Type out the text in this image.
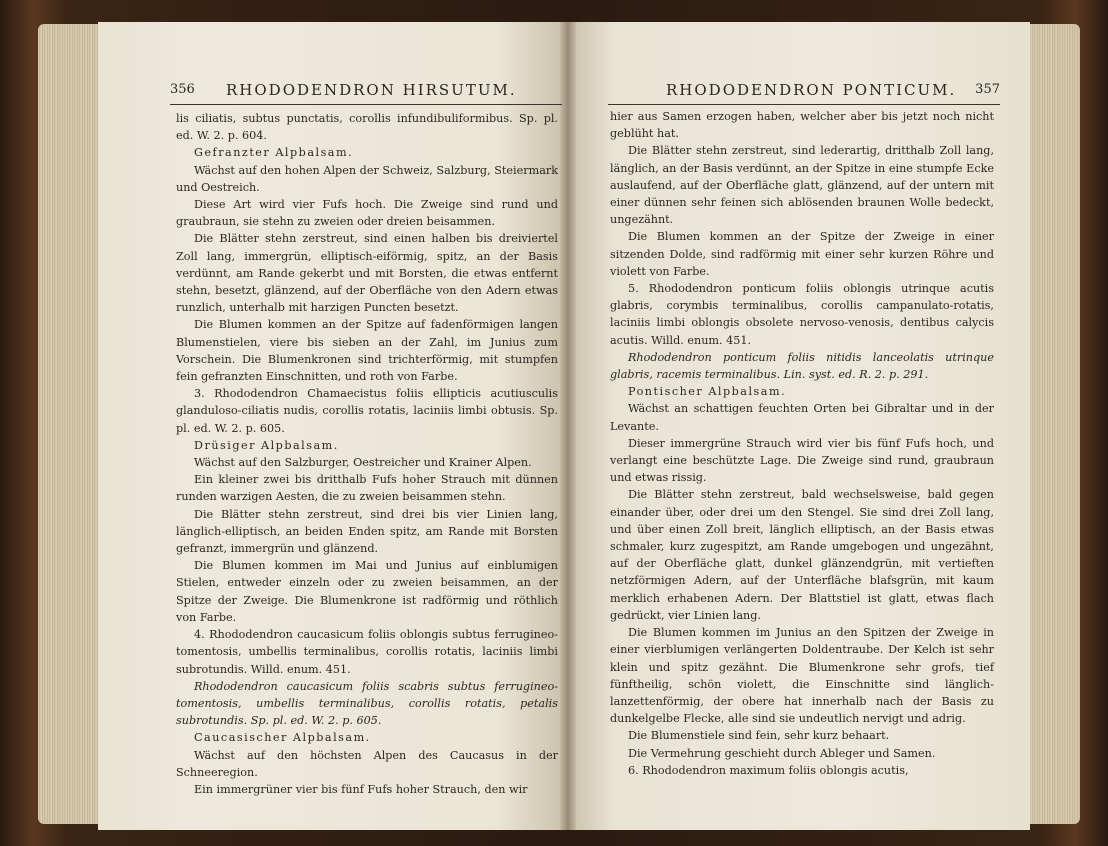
356 RHODODENDRON HIRSUTUM.

lis ciliatis, subtus punctatis, corollis infundibuliformibus. Sp. pl. ed. W. 2. p. 604.

Gefranzter Alpbalsam.

Wächst auf den hohen Alpen der Schweiz, Salzburg, Steiermark und Oestreich.

Diese Art wird vier Fufs hoch. Die Zweige sind rund und graubraun, sie stehn zu zweien oder dreien beisammen.

Die Blätter stehn zerstreut, sind einen halben bis dreiviertel Zoll lang, immergrün, elliptisch-eiförmig, spitz, an der Basis verdünnt, am Rande gekerbt und mit Borsten, die etwas entfernt stehn, besetzt, glänzend, auf der Oberfläche von den Adern etwas runzlich, unterhalb mit harzigen Puncten besetzt.

Die Blumen kommen an der Spitze auf fadenförmigen langen Blumenstielen, viere bis sieben an der Zahl, im Junius zum Vorschein. Die Blumenkronen sind trichterförmig, mit stumpfen fein gefranzten Einschnitten, und roth von Farbe.

3. Rhododendron Chamaecistus foliis ellipticis acutiusculis glanduloso-ciliatis nudis, corollis rotatis, laciniis limbi obtusis. Sp. pl. ed. W. 2. p. 605.

Drüsiger Alpbalsam.

Wächst auf den Salzburger, Oestreicher und Krainer Alpen.

Ein kleiner zwei bis dritthalb Fufs hoher Strauch mit dünnen runden warzigen Aesten, die zu zweien beisammen stehn.

Die Blätter stehn zerstreut, sind drei bis vier Linien lang, länglich-elliptisch, an beiden Enden spitz, am Rande mit Borsten gefranzt, immergrün und glänzend.

Die Blumen kommen im Mai und Junius auf einblumigen Stielen, entweder einzeln oder zu zweien beisammen, an der Spitze der Zweige. Die Blumenkrone ist radförmig und röthlich von Farbe.

4. Rhododendron caucasicum foliis oblongis subtus ferrugineo-tomentosis, umbellis terminalibus, corollis rotatis, laciniis limbi subrotundis. Willd. enum. 451.

Rhododendron caucasicum foliis scabris subtus ferrugineo-tomentosis, umbellis terminalibus, corollis rotatis, petalis subrotundis. Sp. pl. ed. W. 2. p. 605.

Caucasischer Alpbalsam.

Wächst auf den höchsten Alpen des Caucasus in der Schneeregion.

Ein immergrüner vier bis fünf Fufs hoher Strauch, den wir

RHODODENDRON PONTICUM. 357

hier aus Samen erzogen haben, welcher aber bis jetzt noch nicht geblüht hat.

Die Blätter stehn zerstreut, sind lederartig, dritthalb Zoll lang, länglich, an der Basis verdünnt, an der Spitze in eine stumpfe Ecke auslaufend, auf der Oberfläche glatt, glänzend, auf der untern mit einer dünnen sehr feinen sich ablösenden braunen Wolle bedeckt, ungezähnt.

Die Blumen kommen an der Spitze der Zweige in einer sitzenden Dolde, sind radförmig mit einer sehr kurzen Röhre und violett von Farbe.

5. Rhododendron ponticum foliis oblongis utrinque acutis glabris, corymbis terminalibus, corollis campanulato-rotatis, laciniis limbi oblongis obsolete nervoso-venosis, dentibus calycis acutis. Willd. enum. 451.

Rhododendron ponticum foliis nitidis lanceolatis utrinque glabris, racemis terminalibus. Lin. syst. ed. R. 2. p. 291.

Pontischer Alpbalsam.

Wächst an schattigen feuchten Orten bei Gibraltar und in der Levante.

Dieser immergrüne Strauch wird vier bis fünf Fufs hoch, und verlangt eine beschützte Lage. Die Zweige sind rund, graubraun und etwas rissig.

Die Blätter stehn zerstreut, bald wechselsweise, bald gegen einander über, oder drei um den Stengel. Sie sind drei Zoll lang, und über einen Zoll breit, länglich elliptisch, an der Basis etwas schmaler, kurz zugespitzt, am Rande umgebogen und ungezähnt, auf der Oberfläche glatt, dunkel glänzendgrün, mit vertieften netzförmigen Adern, auf der Unterfläche blafsgrün, mit kaum merklich erhabenen Adern. Der Blattstiel ist glatt, etwas flach gedrückt, vier Linien lang.

Die Blumen kommen im Junius an den Spitzen der Zweige in einer vierblumigen verlängerten Doldentraube. Der Kelch ist sehr klein und spitz gezähnt. Die Blumenkrone sehr grofs, tief fünftheilig, schön violett, die Einschnitte sind länglich-lanzettenförmig, der obere hat innerhalb nach der Basis zu dunkelgelbe Flecke, alle sind sie undeutlich nervigt und adrig.

Die Blumenstiele sind fein, sehr kurz behaart.

Die Vermehrung geschieht durch Ableger und Samen.

6. Rhododendron maximum foliis oblongis acutis,
